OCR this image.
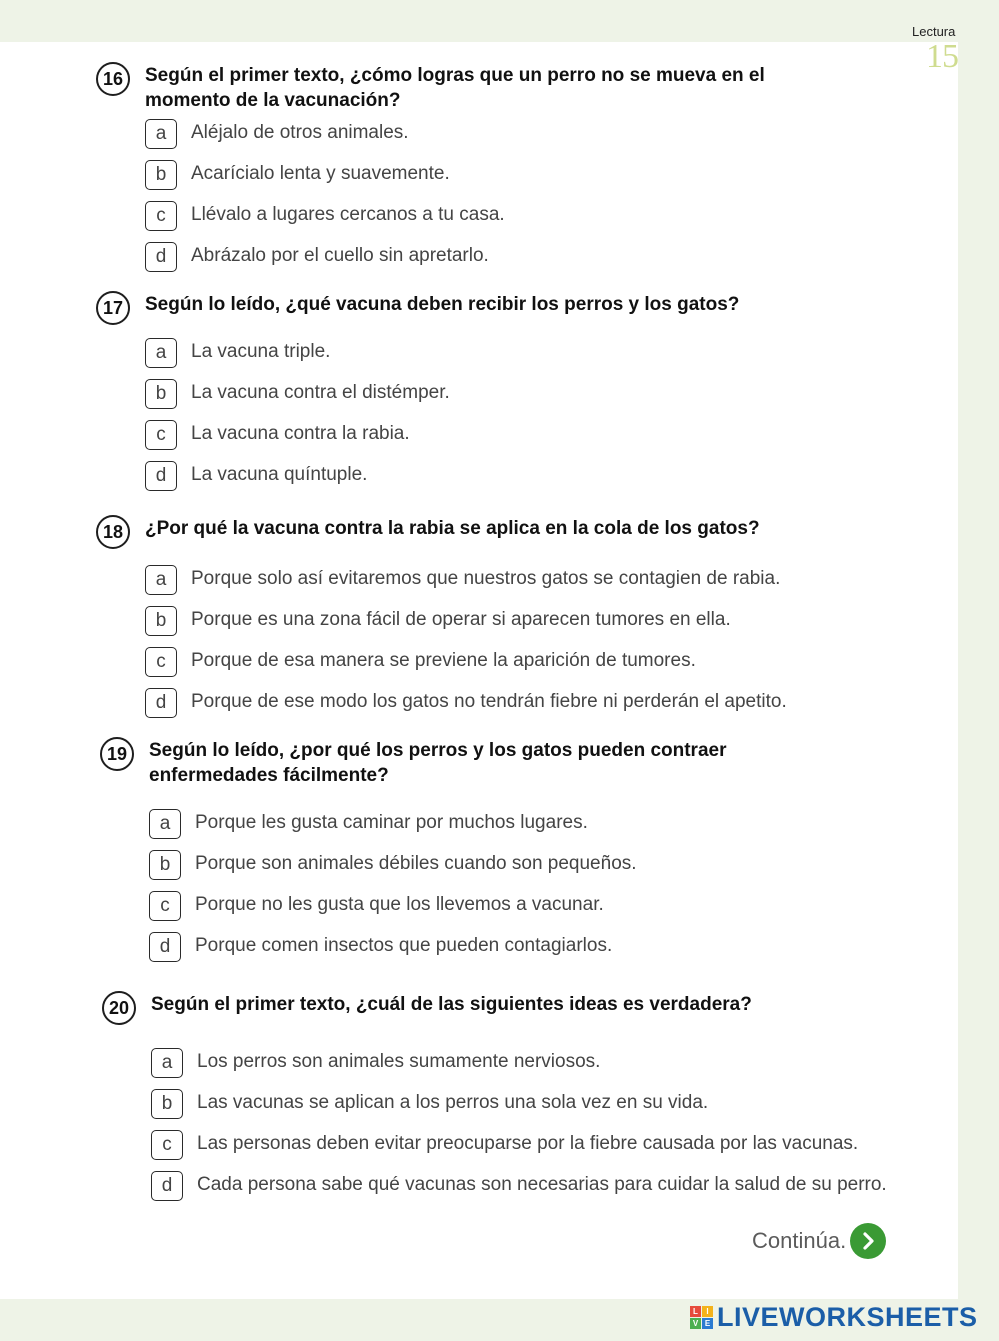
Lectura
15
16	Según el primer texto, ¿cómo logras que un perro no se mueva en el momento de la vacunación?
a	Aléjalo de otros animales.
b	Acarícialo lenta y suavemente.
c	Llévalo a lugares cercanos a tu casa.
d	Abrázalo por el cuello sin apretarlo.
17	Según lo leído, ¿qué vacuna deben recibir los perros y los gatos?
a	La vacuna triple.
b	La vacuna contra el distémper.
c	La vacuna contra la rabia.
d	La vacuna quíntuple.
18	¿Por qué la vacuna contra la rabia se aplica en la cola de los gatos?
a	Porque solo así evitaremos que nuestros gatos se contagien de rabia.
b	Porque es una zona fácil de operar si aparecen tumores en ella.
c	Porque de esa manera se previene la aparición de tumores.
d	Porque de ese modo los gatos no tendrán fiebre ni perderán el apetito.
19	Según lo leído, ¿por qué los perros y los gatos pueden contraer enfermedades fácilmente?
a	Porque les gusta caminar por muchos lugares.
b	Porque son animales débiles cuando son pequeños.
c	Porque no les gusta que los llevemos a vacunar.
d	Porque comen insectos que pueden contagiarlos.
20	Según el primer texto, ¿cuál de las siguientes ideas es verdadera?
a	Los perros son animales sumamente nerviosos.
b	Las vacunas se aplican a los perros una sola vez en su vida.
c	Las personas deben evitar preocuparse por la fiebre causada por las vacunas.
d	Cada persona sabe qué vacunas son necesarias para cuidar la salud de su perro.
Continúa.
L	I
V E LIVEWORKSHEETS
